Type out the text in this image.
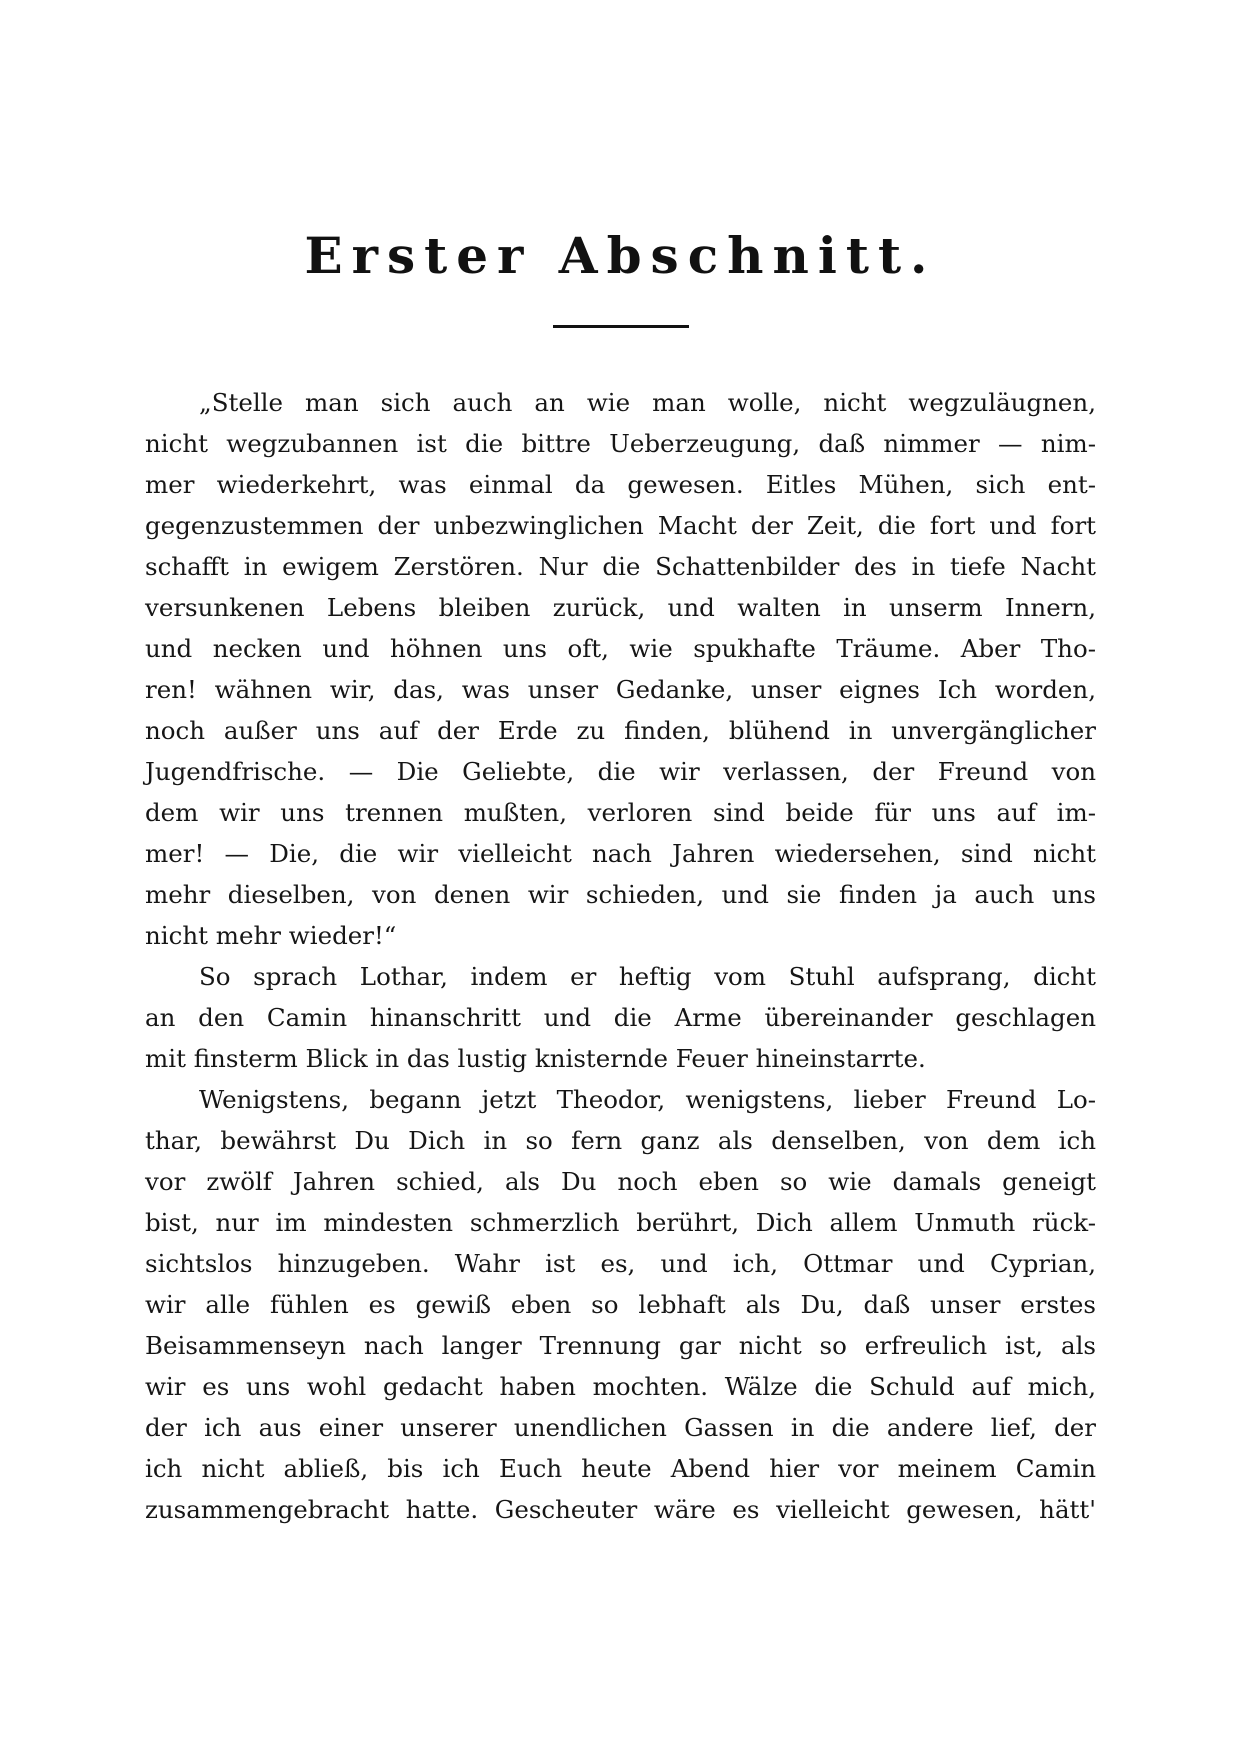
Erster Abschnitt.
„Stelle man sich auch an wie man wolle, nicht wegzuläugnen,
nicht wegzubannen ist die bittre Ueberzeugung, daß nimmer — nim-
mer wiederkehrt, was einmal da gewesen. Eitles Mühen, sich ent-
gegenzustemmen der unbezwinglichen Macht der Zeit, die fort und fort
schafft in ewigem Zerstören. Nur die Schattenbilder des in tiefe Nacht
versunkenen Lebens bleiben zurück, und walten in unserm Innern,
und necken und höhnen uns oft, wie spukhafte Träume. Aber Tho-
ren! wähnen wir, das, was unser Gedanke, unser eignes Ich worden,
noch außer uns auf der Erde zu finden, blühend in unvergänglicher
Jugendfrische. — Die Geliebte, die wir verlassen, der Freund von
dem wir uns trennen mußten, verloren sind beide für uns auf im-
mer! — Die, die wir vielleicht nach Jahren wiedersehen, sind nicht
mehr dieselben, von denen wir schieden, und sie finden ja auch uns
nicht mehr wieder!“
So sprach Lothar, indem er heftig vom Stuhl aufsprang, dicht
an den Camin hinanschritt und die Arme übereinander geschlagen
mit finsterm Blick in das lustig knisternde Feuer hineinstarrte.
Wenigstens, begann jetzt Theodor, wenigstens, lieber Freund Lo-
thar, bewährst Du Dich in so fern ganz als denselben, von dem ich
vor zwölf Jahren schied, als Du noch eben so wie damals geneigt
bist, nur im mindesten schmerzlich berührt, Dich allem Unmuth rück-
sichtslos hinzugeben. Wahr ist es, und ich, Ottmar und Cyprian,
wir alle fühlen es gewiß eben so lebhaft als Du, daß unser erstes
Beisammenseyn nach langer Trennung gar nicht so erfreulich ist, als
wir es uns wohl gedacht haben mochten. Wälze die Schuld auf mich,
der ich aus einer unserer unendlichen Gassen in die andere lief, der
ich nicht abließ, bis ich Euch heute Abend hier vor meinem Camin
zusammengebracht hatte. Gescheuter wäre es vielleicht gewesen, hätt'
